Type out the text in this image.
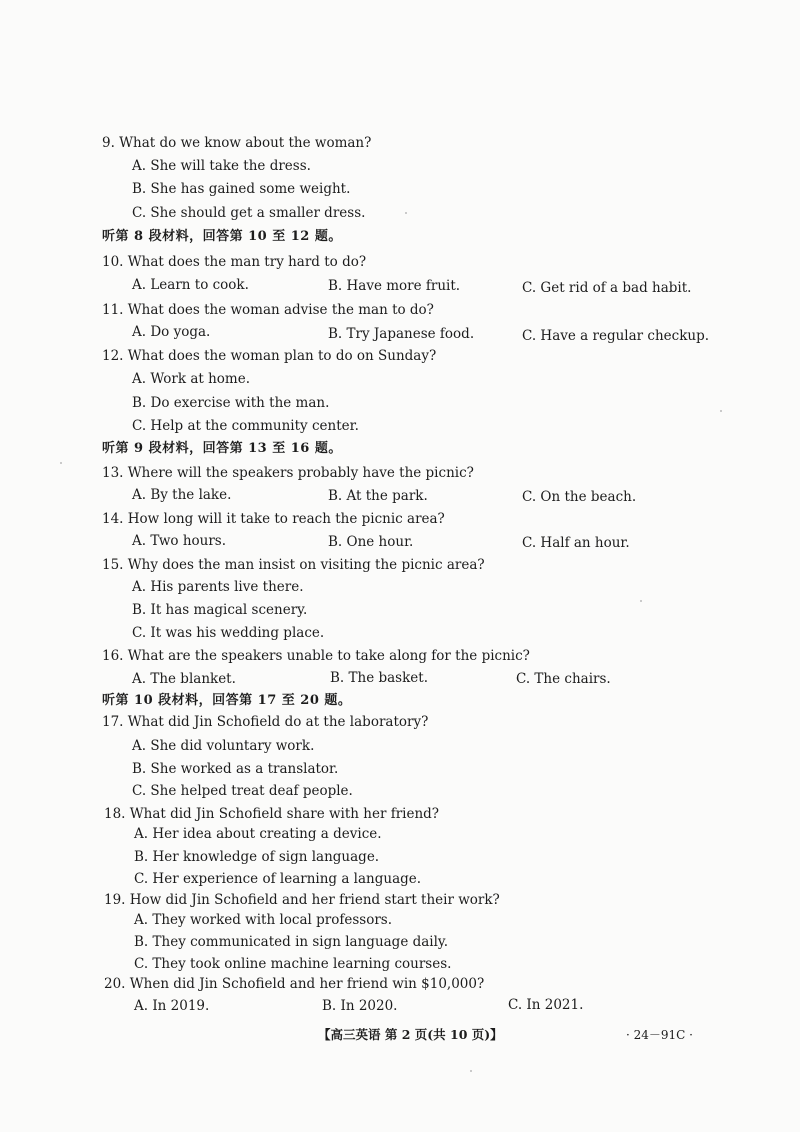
9. What do we know about the woman?
A. She will take the dress.
B. She has gained some weight.
C. She should get a smaller dress.
听第 8 段材料，回答第 10 至 12 题。
10. What does the man try hard to do?
A. Learn to cook.	B. Have more fruit.	C. Get rid of a bad habit.
11. What does the woman advise the man to do?
A. Do yoga.	B. Try Japanese food.	C. Have a regular checkup.
12. What does the woman plan to do on Sunday?
A. Work at home.
B. Do exercise with the man.
C. Help at the community center.
听第 9 段材料，回答第 13 至 16 题。
13. Where will the speakers probably have the picnic?
A. By the lake.	B. At the park.	C. On the beach.
14. How long will it take to reach the picnic area?
A. Two hours.	B. One hour.	C. Half an hour.
15. Why does the man insist on visiting the picnic area?
A. His parents live there.
B. It has magical scenery.
C. It was his wedding place.
16. What are the speakers unable to take along for the picnic?
A. The blanket.	B. The basket.	C. The chairs.
听第 10 段材料，回答第 17 至 20 题。
17. What did Jin Schofield do at the laboratory?
A. She did voluntary work.
B. She worked as a translator.
C. She helped treat deaf people.
18. What did Jin Schofield share with her friend?
A. Her idea about creating a device.
B. Her knowledge of sign language.
C. Her experience of learning a language.
19. How did Jin Schofield and her friend start their work?
A. They worked with local professors.
B. They communicated in sign language daily.
C. They took online machine learning courses.
20. When did Jin Schofield and her friend win $10,000?
A. In 2019.	B. In 2020.	C. In 2021.
【高三英语 第 2 页(共 10 页)】	· 24－91C ·
